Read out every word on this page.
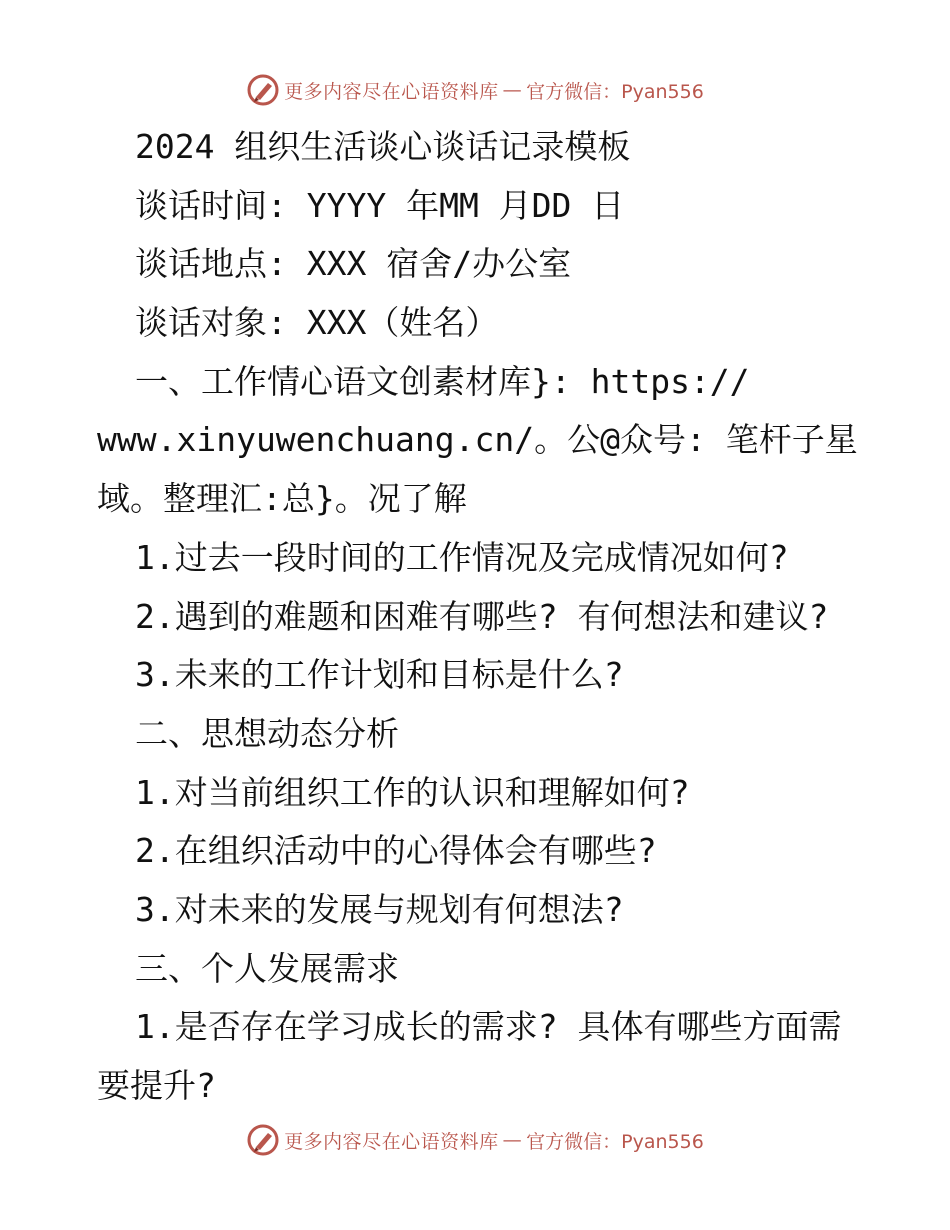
更多内容尽在心语资料库 — 官方微信：Pyan556
2024 组织生活谈心谈话记录模板
谈话时间: YYYY 年MM 月DD 日
谈话地点: XXX 宿舍/办公室
谈话对象: XXX（姓名）
一、工作情心语文创素材库}: https://
www.xinyuwenchuang.cn/。公@众号: 笔杆子星
域。整理汇:总}。况了解
1.过去一段时间的工作情况及完成情况如何?
2.遇到的难题和困难有哪些? 有何想法和建议?
3.未来的工作计划和目标是什么?
二、思想动态分析
1.对当前组织工作的认识和理解如何?
2.在组织活动中的心得体会有哪些?
3.对未来的发展与规划有何想法?
三、个人发展需求
1.是否存在学习成长的需求? 具体有哪些方面需
要提升?
更多内容尽在心语资料库 — 官方微信：Pyan556
